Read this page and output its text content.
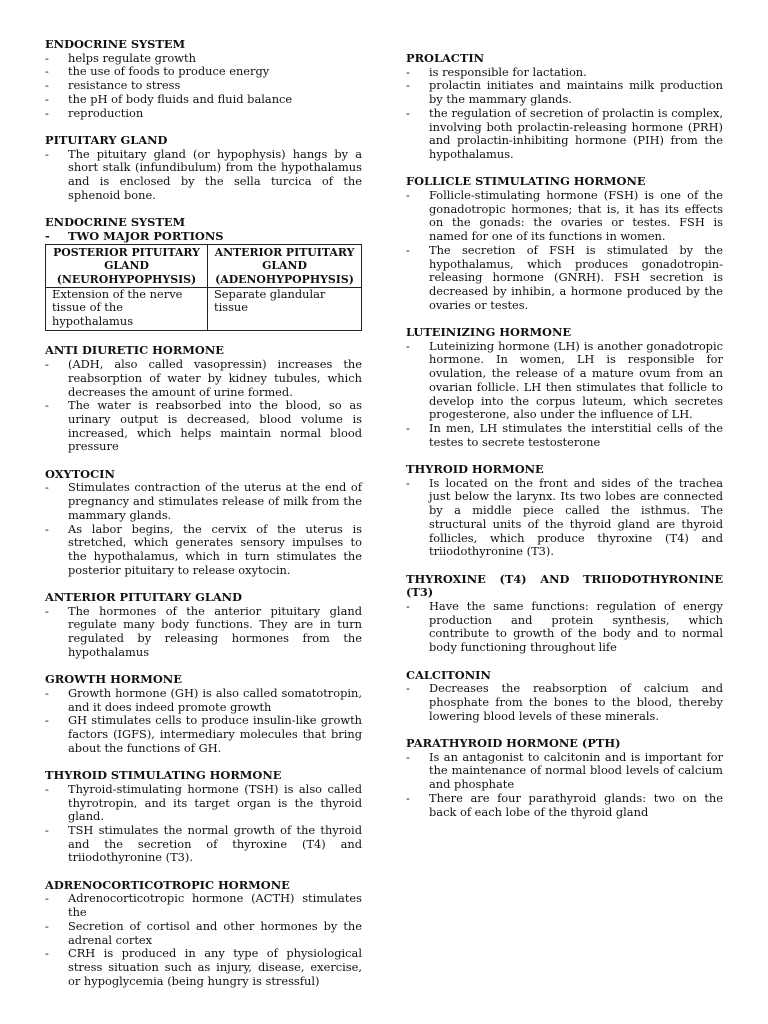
ENDOCRINE SYSTEM

- helps regulate growth
- the use of foods to produce energy
- resistance to stress
- the pH of body fluids and fluid balance
- reproduction

PITUITARY GLAND

- The pituitary gland (or hypophysis) hangs by a short stalk (infundibulum) from the hypothalamus and is enclosed by the sella turcica of the sphenoid bone.

ENDOCRINE SYSTEM

- TWO MAJOR PORTIONS
POSTERIOR PITUITARY GLAND (NEUROHYPOPHYSIS)	ANTERIOR PITUITARY GLAND (ADENOHYPOPHYSIS)
Extension of the nerve tissue of the hypothalamus	Separate glandular tissue

ANTI DIURETIC HORMONE

- (ADH, also called vasopressin) increases the reabsorption of water by kidney tubules, which decreases the amount of urine formed.
- The water is reabsorbed into the blood, so as urinary output is decreased, blood volume is increased, which helps maintain normal blood pressure

OXYTOCIN

- Stimulates contraction of the uterus at the end of pregnancy and stimulates release of milk from the mammary glands.
- As labor begins, the cervix of the uterus is stretched, which generates sensory impulses to the hypothalamus, which in turn stimulates the posterior pituitary to release oxytocin.

ANTERIOR PITUITARY GLAND

- The hormones of the anterior pituitary gland regulate many body functions. They are in turn regulated by releasing hormones from the hypothalamus

GROWTH HORMONE

- Growth hormone (GH) is also called somatotropin, and it does indeed promote growth
- GH stimulates cells to produce insulin-like growth factors (IGFS), intermediary molecules that bring about the functions of GH.

THYROID STIMULATING HORMONE

- Thyroid-stimulating hormone (TSH) is also called thyrotropin, and its target organ is the thyroid gland.
- TSH stimulates the normal growth of the thyroid and the secretion of thyroxine (T4) and triiodothyronine (T3).

ADRENOCORTICOTROPIC HORMONE

- Adrenocorticotropic hormone (ACTH) stimulates the
- Secretion of cortisol and other hormones by the adrenal cortex
- CRH is produced in any type of physiological stress situation such as injury, disease, exercise, or hypoglycemia (being hungry is stressful)

PROLACTIN

- is responsible for lactation.
- prolactin initiates and maintains milk production by the mammary glands.
- the regulation of secretion of prolactin is complex, involving both prolactin-releasing hormone (PRH) and prolactin-inhibiting hormone (PIH) from the hypothalamus.

FOLLICLE STIMULATING HORMONE

- Follicle-stimulating hormone (FSH) is one of the gonadotropic hormones; that is, it has its effects on the gonads: the ovaries or testes. FSH is named for one of its functions in women.
- The secretion of FSH is stimulated by the hypothalamus, which produces gonadotropin-releasing hormone (GNRH). FSH secretion is decreased by inhibin, a hormone produced by the ovaries or testes.

LUTEINIZING HORMONE

- Luteinizing hormone (LH) is another gonadotropic hormone. In women, LH is responsible for ovulation, the release of a mature ovum from an ovarian follicle. LH then stimulates that follicle to develop into the corpus luteum, which secretes progesterone, also under the influence of LH.
- In men, LH stimulates the interstitial cells of the testes to secrete testosterone

THYROID HORMONE

- Is located on the front and sides of the trachea just below the larynx. Its two lobes are connected by a middle piece called the isthmus. The structural units of the thyroid gland are thyroid follicles, which produce thyroxine (T4) and triiodothyronine (T3).

THYROXINE (T4) AND TRIIODOTHYRONINE (T3)

- Have the same functions: regulation of energy production and protein synthesis, which contribute to growth of the body and to normal body functioning throughout life

CALCITONIN

- Decreases the reabsorption of calcium and phosphate from the bones to the blood, thereby lowering blood levels of these minerals.

PARATHYROID HORMONE (PTH)

- Is an antagonist to calcitonin and is important for the maintenance of normal blood levels of calcium and phosphate
- There are four parathyroid glands: two on the back of each lobe of the thyroid gland
